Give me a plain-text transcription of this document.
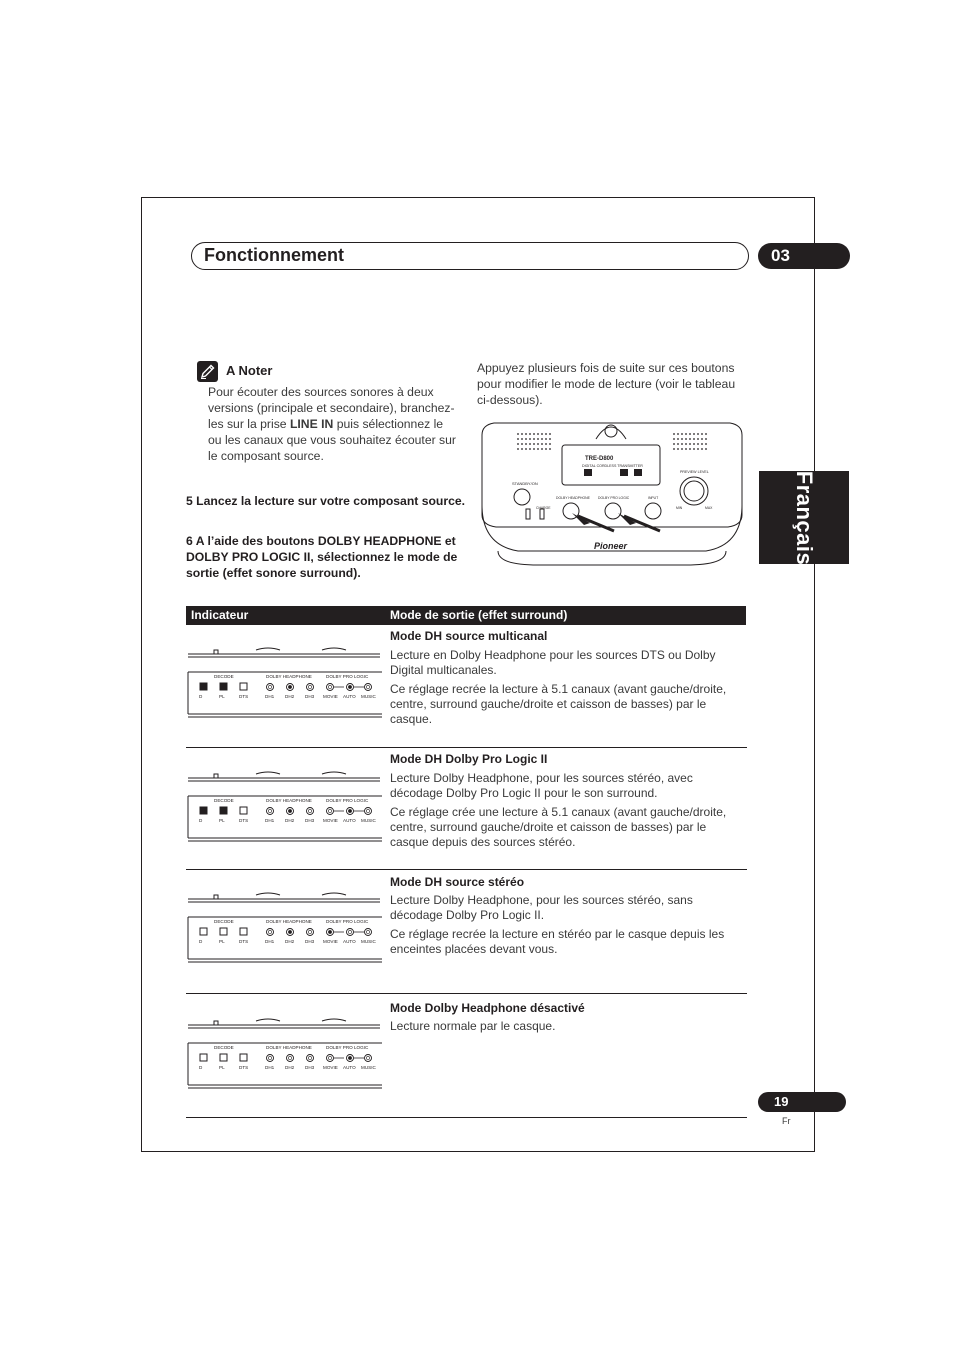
Fonctionnement	03
Français
A Noter
Pour écouter des sources sonores à deux versions (principale et secondaire), branchez-les sur la prise LINE IN puis sélectionnez le ou les canaux que vous souhaitez écouter sur le composant source.
5 Lancez la lecture sur votre composant source.
6 A l’aide des boutons DOLBY HEADPHONE et DOLBY PRO LOGIC II, sélectionnez le mode de sortie (effet sonore surround).
Appuyez plusieurs fois de suite sur ces boutons pour modifier le mode de lecture (voir le tableau ci-dessous).
TRE-D800
DIGITAL CORDLESS TRANSMITTER
STANDBY/ON
CHARGE
DOLBY HEADPHONE DOLBY PRO LOGIC	INPUT
PREVIEW LEVEL
MIN	MAX
Pioneer
Indicateur	Mode de sortie (effet surround)
Mode DH source multicanal
Lecture en Dolby Headphone pour les sources DTS ou Dolby Digital multicanales.
Ce réglage recrée la lecture à 5.1 canaux (avant gauche/droite, centre, surround gauche/droite et caisson de basses) par le casque.
Mode DH Dolby Pro Logic II
Lecture Dolby Headphone, pour les sources stéréo, avec décodage Dolby Pro Logic II pour le son surround.
Ce réglage crée une lecture à 5.1 canaux (avant gauche/droite, centre, surround gauche/droite et caisson de basses) par le casque depuis des sources stéréo.
Mode DH source stéréo
Lecture Dolby Headphone, pour les sources stéréo, sans décodage Dolby Pro Logic II.
Ce réglage recrée la lecture en stéréo par le casque depuis les enceintes placées devant vous.
Mode Dolby Headphone désactivé
Lecture normale par le casque.
DECODE	DOLBY HEADPHONE	DOLBY PRO LOGIC
D	PL	DTS	DH1 DH2 DH3 MOVIE AUTO MUSIC
DECODE	DOLBY HEADPHONE	DOLBY PRO LOGIC
D	PL	DTS	DH1 DH2 DH3 MOVIE AUTO MUSIC
DECODE	DOLBY HEADPHONE	DOLBY PRO LOGIC
D	PL	DTS	DH1 DH2 DH3 MOVIE AUTO MUSIC
DECODE	DOLBY HEADPHONE	DOLBY PRO LOGIC
D	PL	DTS	DH1 DH2 DH3 MOVIE AUTO MUSIC
19
Fr
